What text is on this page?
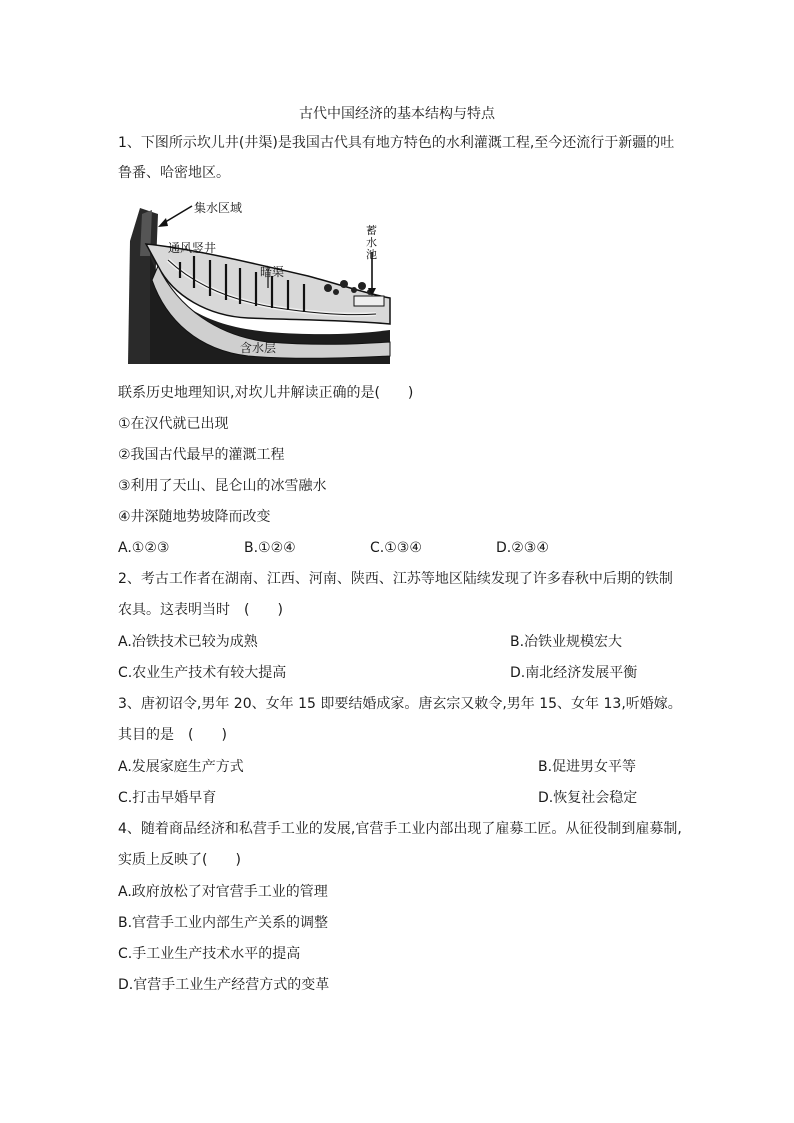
古代中国经济的基本结构与特点
1、下图所示坎儿井(井渠)是我国古代具有地方特色的水利灌溉工程,至今还流行于新疆的吐
鲁番、哈密地区。
集水区域
通风竖井
暗渠
蓄
水
池
含水层
联系历史地理知识,对坎儿井解读正确的是(　　)
①在汉代就已出现
②我国古代最早的灌溉工程
③利用了天山、昆仑山的冰雪融水
④井深随地势坡降而改变
A.①②③	B.①②④	C.①③④	D.②③④
2、考古工作者在湖南、江西、河南、陕西、江苏等地区陆续发现了许多春秋中后期的铁制
农具。这表明当时　(　　)
A.冶铁技术已较为成熟	B.冶铁业规模宏大
C.农业生产技术有较大提高	D.南北经济发展平衡
3、唐初诏令,男年 20、女年 15 即要结婚成家。唐玄宗又敕令,男年 15、女年 13,听婚嫁。
其目的是　(　　)
A.发展家庭生产方式	B.促进男女平等
C.打击早婚早育	D.恢复社会稳定
4、随着商品经济和私营手工业的发展,官营手工业内部出现了雇募工匠。从征役制到雇募制,
实质上反映了(　　)
A.政府放松了对官营手工业的管理
B.官营手工业内部生产关系的调整
C.手工业生产技术水平的提高
D.官营手工业生产经营方式的变革
